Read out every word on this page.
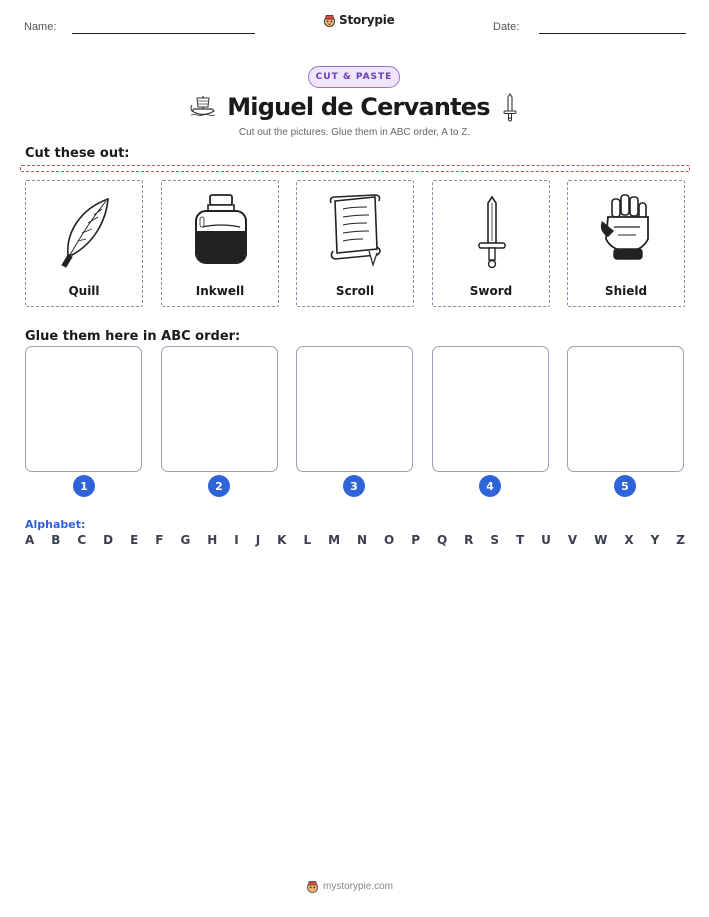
Name:	Storypie	Date:
CUT & PASTE
Miguel de Cervantes
Cut out the pictures. Glue them in ABC order, A to Z.
Cut these out:
Quill	Inkwell	Scroll	Sword	Shield
Glue them here in ABC order:
1	2	3	4	5
Alphabet:
A B C D E F G H I J K L M N O P Q R S T U V W X Y Z
mystorypie.com
